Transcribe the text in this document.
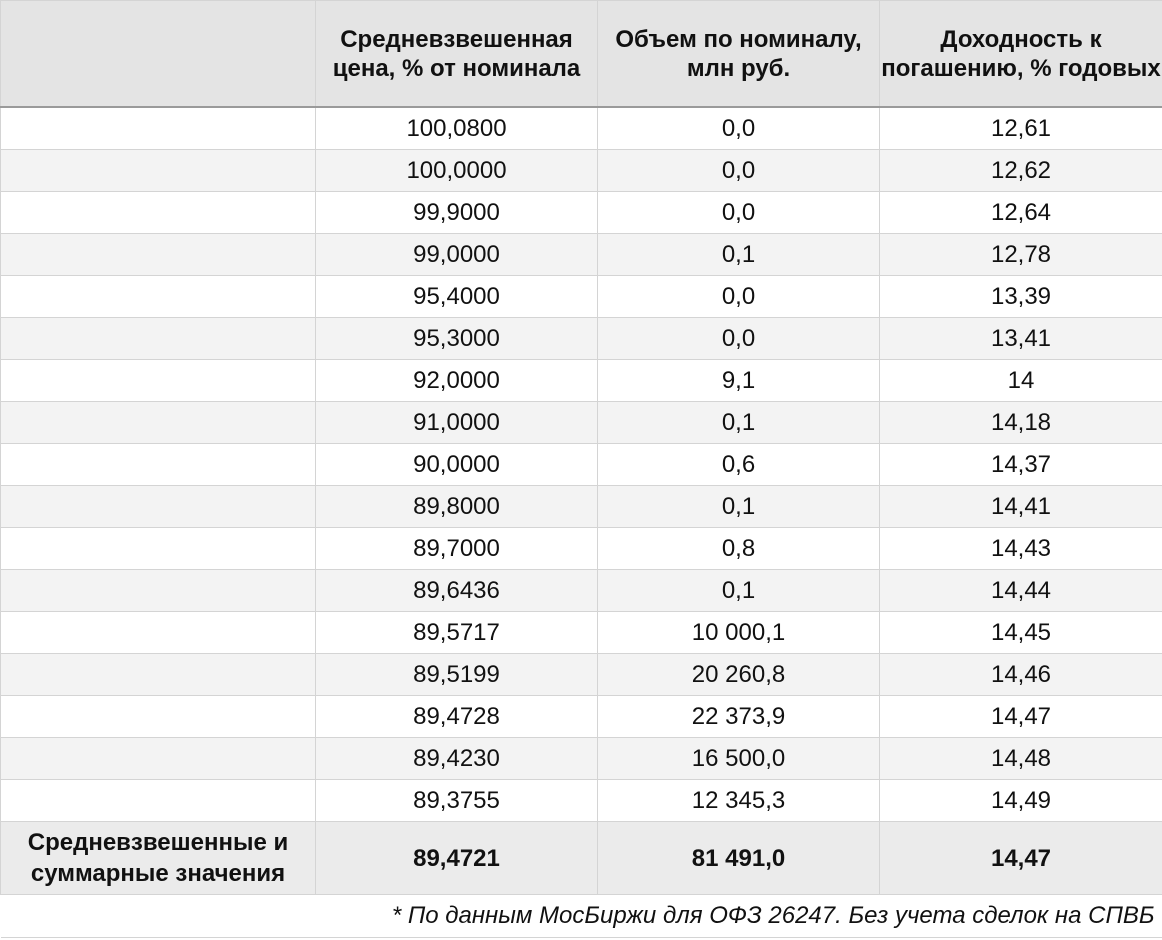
	Средневзвешенная цена, % от номинала	Объем по номиналу, млн руб.	Доходность к погашению, % годовых
	100,0800	0,0	12,61
	100,0000	0,0	12,62
	99,9000	0,0	12,64
	99,0000	0,1	12,78
	95,4000	0,0	13,39
	95,3000	0,0	13,41
	92,0000	9,1	14
	91,0000	0,1	14,18
	90,0000	0,6	14,37
	89,8000	0,1	14,41
	89,7000	0,8	14,43
	89,6436	0,1	14,44
	89,5717	10 000,1	14,45
	89,5199	20 260,8	14,46
	89,4728	22 373,9	14,47
	89,4230	16 500,0	14,48
	89,3755	12 345,3	14,49
Средневзвешенные и суммарные значения	89,4721	81 491,0	14,47
* По данным МосБиржи для ОФЗ 26247. Без учета сделок на СПВБ			
